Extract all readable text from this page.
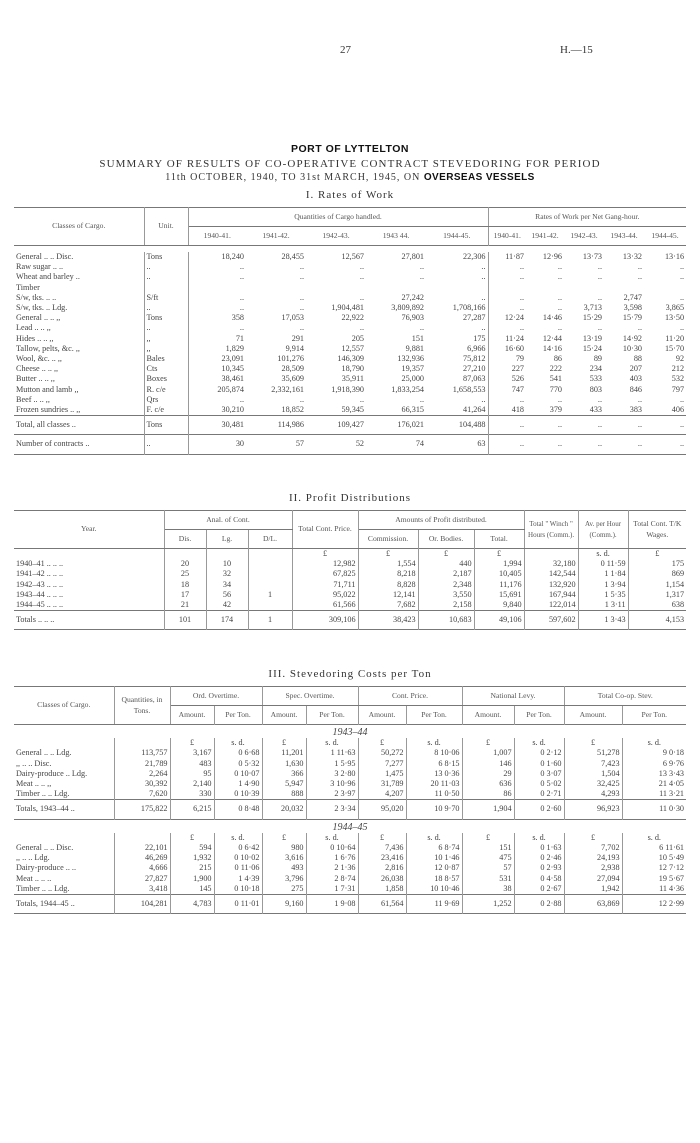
27	H.—15
PORT OF LYTTELTON
SUMMARY OF RESULTS OF CO-OPERATIVE CONTRACT STEVEDORING FOR PERIOD
11th OCTOBER, 1940, TO 31st MARCH, 1945, ON OVERSEAS VESSELS
I. Rates of Work
Classes of Cargo.	Unit.	Quantities of Cargo handled.					Rates of Work per Net Gang-hour.				
		1940-41.	1941-42.	1942-43.	1943 44.	1944-45.	1940-41.	1941-42.	1942-43.	1943-44.	1944-45.

General .. .. Disc.	Tons	18,240	28,455	12,567	27,801	22,306	11·87	12·96	13·73	13·32	13·16
Raw sugar .. ..	..	..	..	..	..	..	..	..	..	..	..
Wheat and barley ..	..	..	..	..	..	..	..	..	..	..	..
Timber											
S/w, tks. .. ..	S/ft	..	..	..	27,242	..	..	..	..	2,747	..
S/w, tks. .. Ldg.	..	..	..	1,904,481	3,809,892	1,708,166	..	..	3,713	3,598	3,865
General .. .. ,,	Tons	358	17,053	22,922	76,903	27,287	12·24	14·46	15·29	15·79	13·50
Lead .. .. ,,	..	..	..	..	..	..	..	..	..	..	..
Hides .. .. ,,	,,	71	291	205	151	175	11·24	12·44	13·19	14·92	11·20
Tallow, pelts, &c. ,,	,,	1,829	9,914	12,557	9,881	6,966	16·60	14·16	15·24	10·30	15·70
Wool, &c. .. ,,	Bales	23,091	101,276	146,309	132,936	75,812	79	86	89	88	92
Cheese .. .. ,,	Cts	10,345	28,509	18,790	19,357	27,210	227	222	234	207	212
Butter .. .. ,,	Boxes	38,461	35,609	35,911	25,000	87,063	526	541	533	403	532
Mutton and lamb ,,	R. c/e	205,874	2,332,161	1,918,390	1,833,254	1,658,553	747	770	803	846	797
Beef .. .. ,,	Qrs	..	..	..	..	..	..	..	..	..	..
Frozen sundries .. ,,	F. c/e	30,210	18,852	59,345	66,315	41,264	418	379	433	383	406
Total, all classes ..	Tons	30,481	114,986	109,427	176,021	104,488	..	..	..	..	..
Number of contracts ..	..	30	57	52	74	63	..	..	..	..	..
II. Profit Distributions
Year.	Anal. of Cont.			Total Cont. Price.	Amounts of Profit distributed.			Total " Winch " Hours (Comm.).	Av. per Hour (Comm.).	Total Cont. T/K Wages.
	Dis.	Lg.	D/L.		Commission.	Or. Bodies.	Total.			
				£	£	£	£		s. d.	£
1940–41 .. .. ..	20	10		12,982	1,554	440	1,994	32,180	0 11·59	175
1941–42 .. .. ..	25	32		67,825	8,218	2,187	10,405	142,544	1 1·84	869
1942–43 .. .. ..	18	34		71,711	8,828	2,348	11,176	132,920	1 3·94	1,154
1943–44 .. .. ..	17	56	1	95,022	12,141	3,550	15,691	167,944	1 5·35	1,317
1944–45 .. .. ..	21	42		61,566	7,682	2,158	9,840	122,014	1 3·11	638
Totals .. .. ..	101	174	1	309,106	38,423	10,683	49,106	597,602	1 3·43	4,153
III. Stevedoring Costs per Ton
Classes of Cargo.	Quantities, in Tons.	Ord. Overtime.		Spec. Overtime.		Cont. Price.		National Levy.		Total Co-op. Stev.	
		Amount.	Per Ton.	Amount.	Per Ton.	Amount.	Per Ton.	Amount.	Per Ton.	Amount.	Per Ton.
1943–44											
		£	s. d.	£	s. d.	£	s. d.	£	s. d.	£	s. d.
General .. .. Ldg.	113,757	3,167	0 6·68	11,201	1 11·63	50,272	8 10·06	1,007	0 2·12	51,278	9 0·18
,, .. .. Disc.	21,789	483	0 5·32	1,630	1 5·95	7,277	6 8·15	146	0 1·60	7,423	6 9·76
Dairy-produce .. Ldg.	2,264	95	0 10·07	366	3 2·80	1,475	13 0·36	29	0 3·07	1,504	13 3·43
Meat .. .. ,,	30,392	2,140	1 4·90	5,947	3 10·96	31,789	20 11·03	636	0 5·02	32,425	21 4·05
Timber .. .. Ldg.	7,620	330	0 10·39	888	2 3·97	4,207	11 0·50	86	0 2·71	4,293	11 3·21
Totals, 1943–44 ..	175,822	6,215	0 8·48	20,032	2 3·34	95,020	10 9·70	1,904	0 2·60	96,923	11 0·30
1944–45											
		£	s. d.	£	s. d.	£	s. d.	£	s. d.	£	s. d.
General .. .. Disc.	22,101	594	0 6·42	980	0 10·64	7,436	6 8·74	151	0 1·63	7,702	6 11·61
,, .. .. Ldg.	46,269	1,932	0 10·02	3,616	1 6·76	23,416	10 1·46	475	0 2·46	24,193	10 5·49
Dairy-produce .. ..	4,666	215	0 11·06	493	2 1·36	2,816	12 0·87	57	0 2·93	2,938	12 7·12
Meat .. .. ..	27,827	1,900	1 4·39	3,796	2 8·74	26,038	18 8·57	531	0 4·58	27,094	19 5·67
Timber .. .. Ldg.	3,418	145	0 10·18	275	1 7·31	1,858	10 10·46	38	0 2·67	1,942	11 4·36
Totals, 1944–45 ..	104,281	4,783	0 11·01	9,160	1 9·08	61,564	11 9·69	1,252	0 2·88	63,869	12 2·99
